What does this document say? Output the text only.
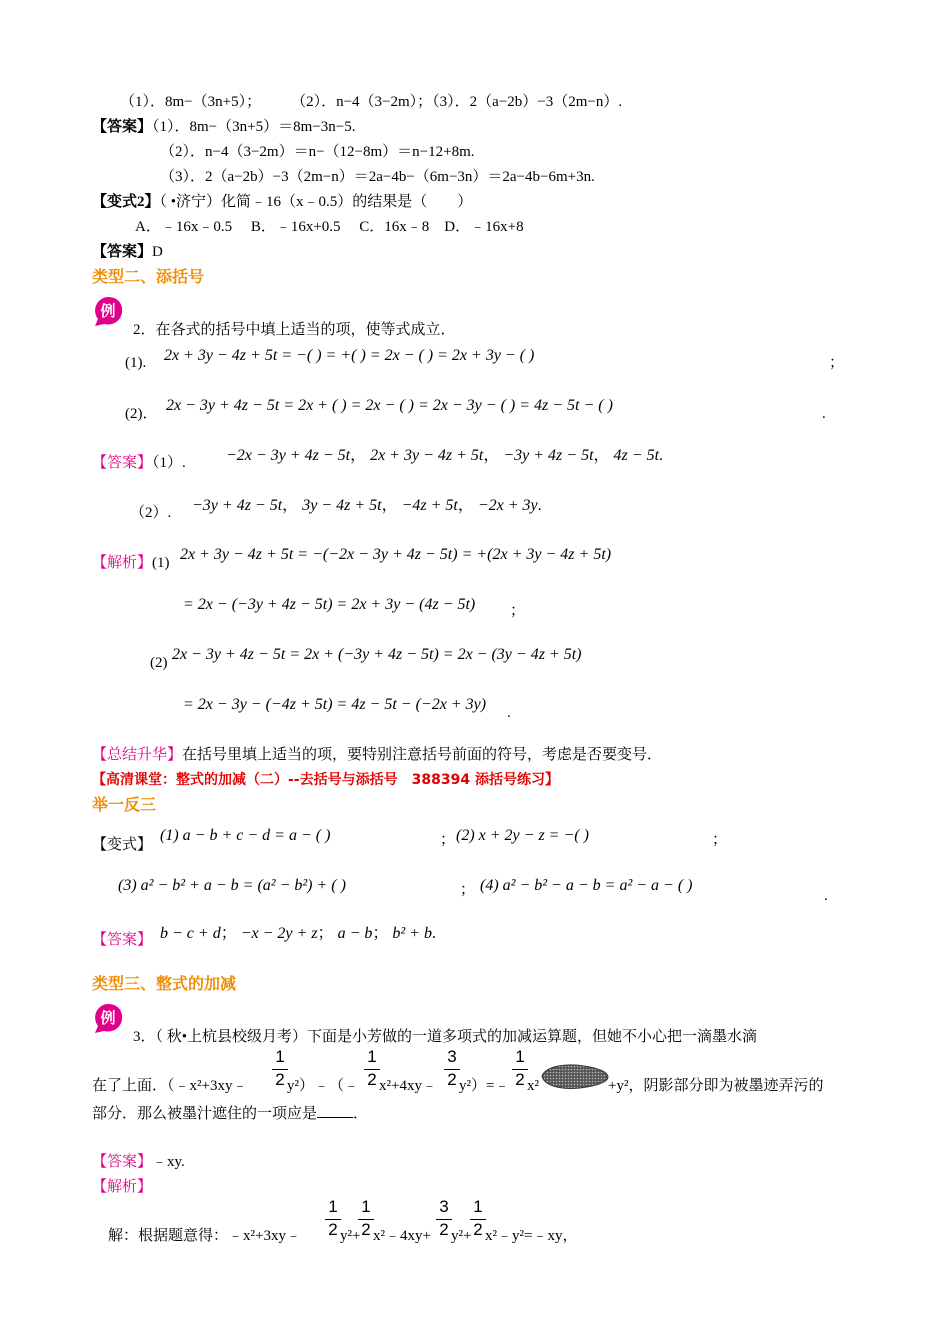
（1）．8m−（3n+5）；　　　（2）．n−4（3−2m）；（3）．2（a−2b）−3（2m−n）.
【答案】（1）．8m−（3n+5）＝8m−3n−5.
（2）．n−4（3−2m）＝n−（12−8m）＝n−12+8m.
（3）．2（a−2b）−3（2m−n）＝2a−4b−（6m−3n）＝2a−4b−6m+3n.
【变式2】（ •济宁）化简﹣16（x﹣0.5）的结果是（　　）
A．﹣16x﹣0.5　 B．﹣16x+0.5　 C．16x﹣8　D．﹣16x+8
【答案】D
类型二、添括号
例
2．在各式的括号中填上适当的项，使等式成立．
(1). 2x + 3y − 4z + 5t = −( ) = +( ) = 2x − ( ) = 2x + 3y − ( )	；
(2)． 2x − 3y + 4z − 5t = 2x + ( ) = 2x − ( ) = 2x − 3y − ( ) = 4z − 5t − ( )	.
【答案】（1）.	−2x − 3y + 4z − 5t， 2x + 3y − 4z + 5t， −3y + 4z − 5t， 4z − 5t.
（2）. −3y + 4z − 5t， 3y − 4z + 5t， −4z + 5t， −2x + 3y.
【解析】(1) 2x + 3y − 4z + 5t = −(−2x − 3y + 4z − 5t) = +(2x + 3y − 4z + 5t)
= 2x − (−3y + 4z − 5t) = 2x + 3y − (4z − 5t) ；
(2) 2x − 3y + 4z − 5t = 2x + (−3y + 4z − 5t) = 2x − (3y − 4z + 5t)
= 2x − 3y − (−4z + 5t) = 4z − 5t − (−2x + 3y) .
【总结升华】在括号里填上适当的项，要特别注意括号前面的符号，考虑是否要变号．
【高清课堂：整式的加减（二）--去括号与添括号　388394 添括号练习】
举一反三
【变式】
(1) a − b + c − d = a − ( )	； (2) x + 2y − z = −( )	；
(3) a² − b² + a − b = (a² − b²) + ( )	； (4) a² − b² − a − b = a² − a − ( )
.
【答案】 b − c + d； −x − 2y + z； a − b； b² + b.
类型三、整式的加减
例
3．（ 秋•上杭县校级月考）下面是小芳做的一道多项式的加减运算题，但她不小心把一滴墨水滴
在了上面．（﹣x²+3xy﹣
1
2 y²）﹣（﹣
1
2 x²+4xy﹣
3
2 y²）=﹣
1
2 x²	+y²，阴影部分即为被墨迹弄污的
部分．那么被墨汁遮住的一项应是 ．
【答案】﹣xy.
【解析】
解：根据题意得：﹣x²+3xy﹣
1
2 y²+
1
2 x²﹣4xy+
3
2 y²+
1
2 x²﹣y²=﹣xy，
